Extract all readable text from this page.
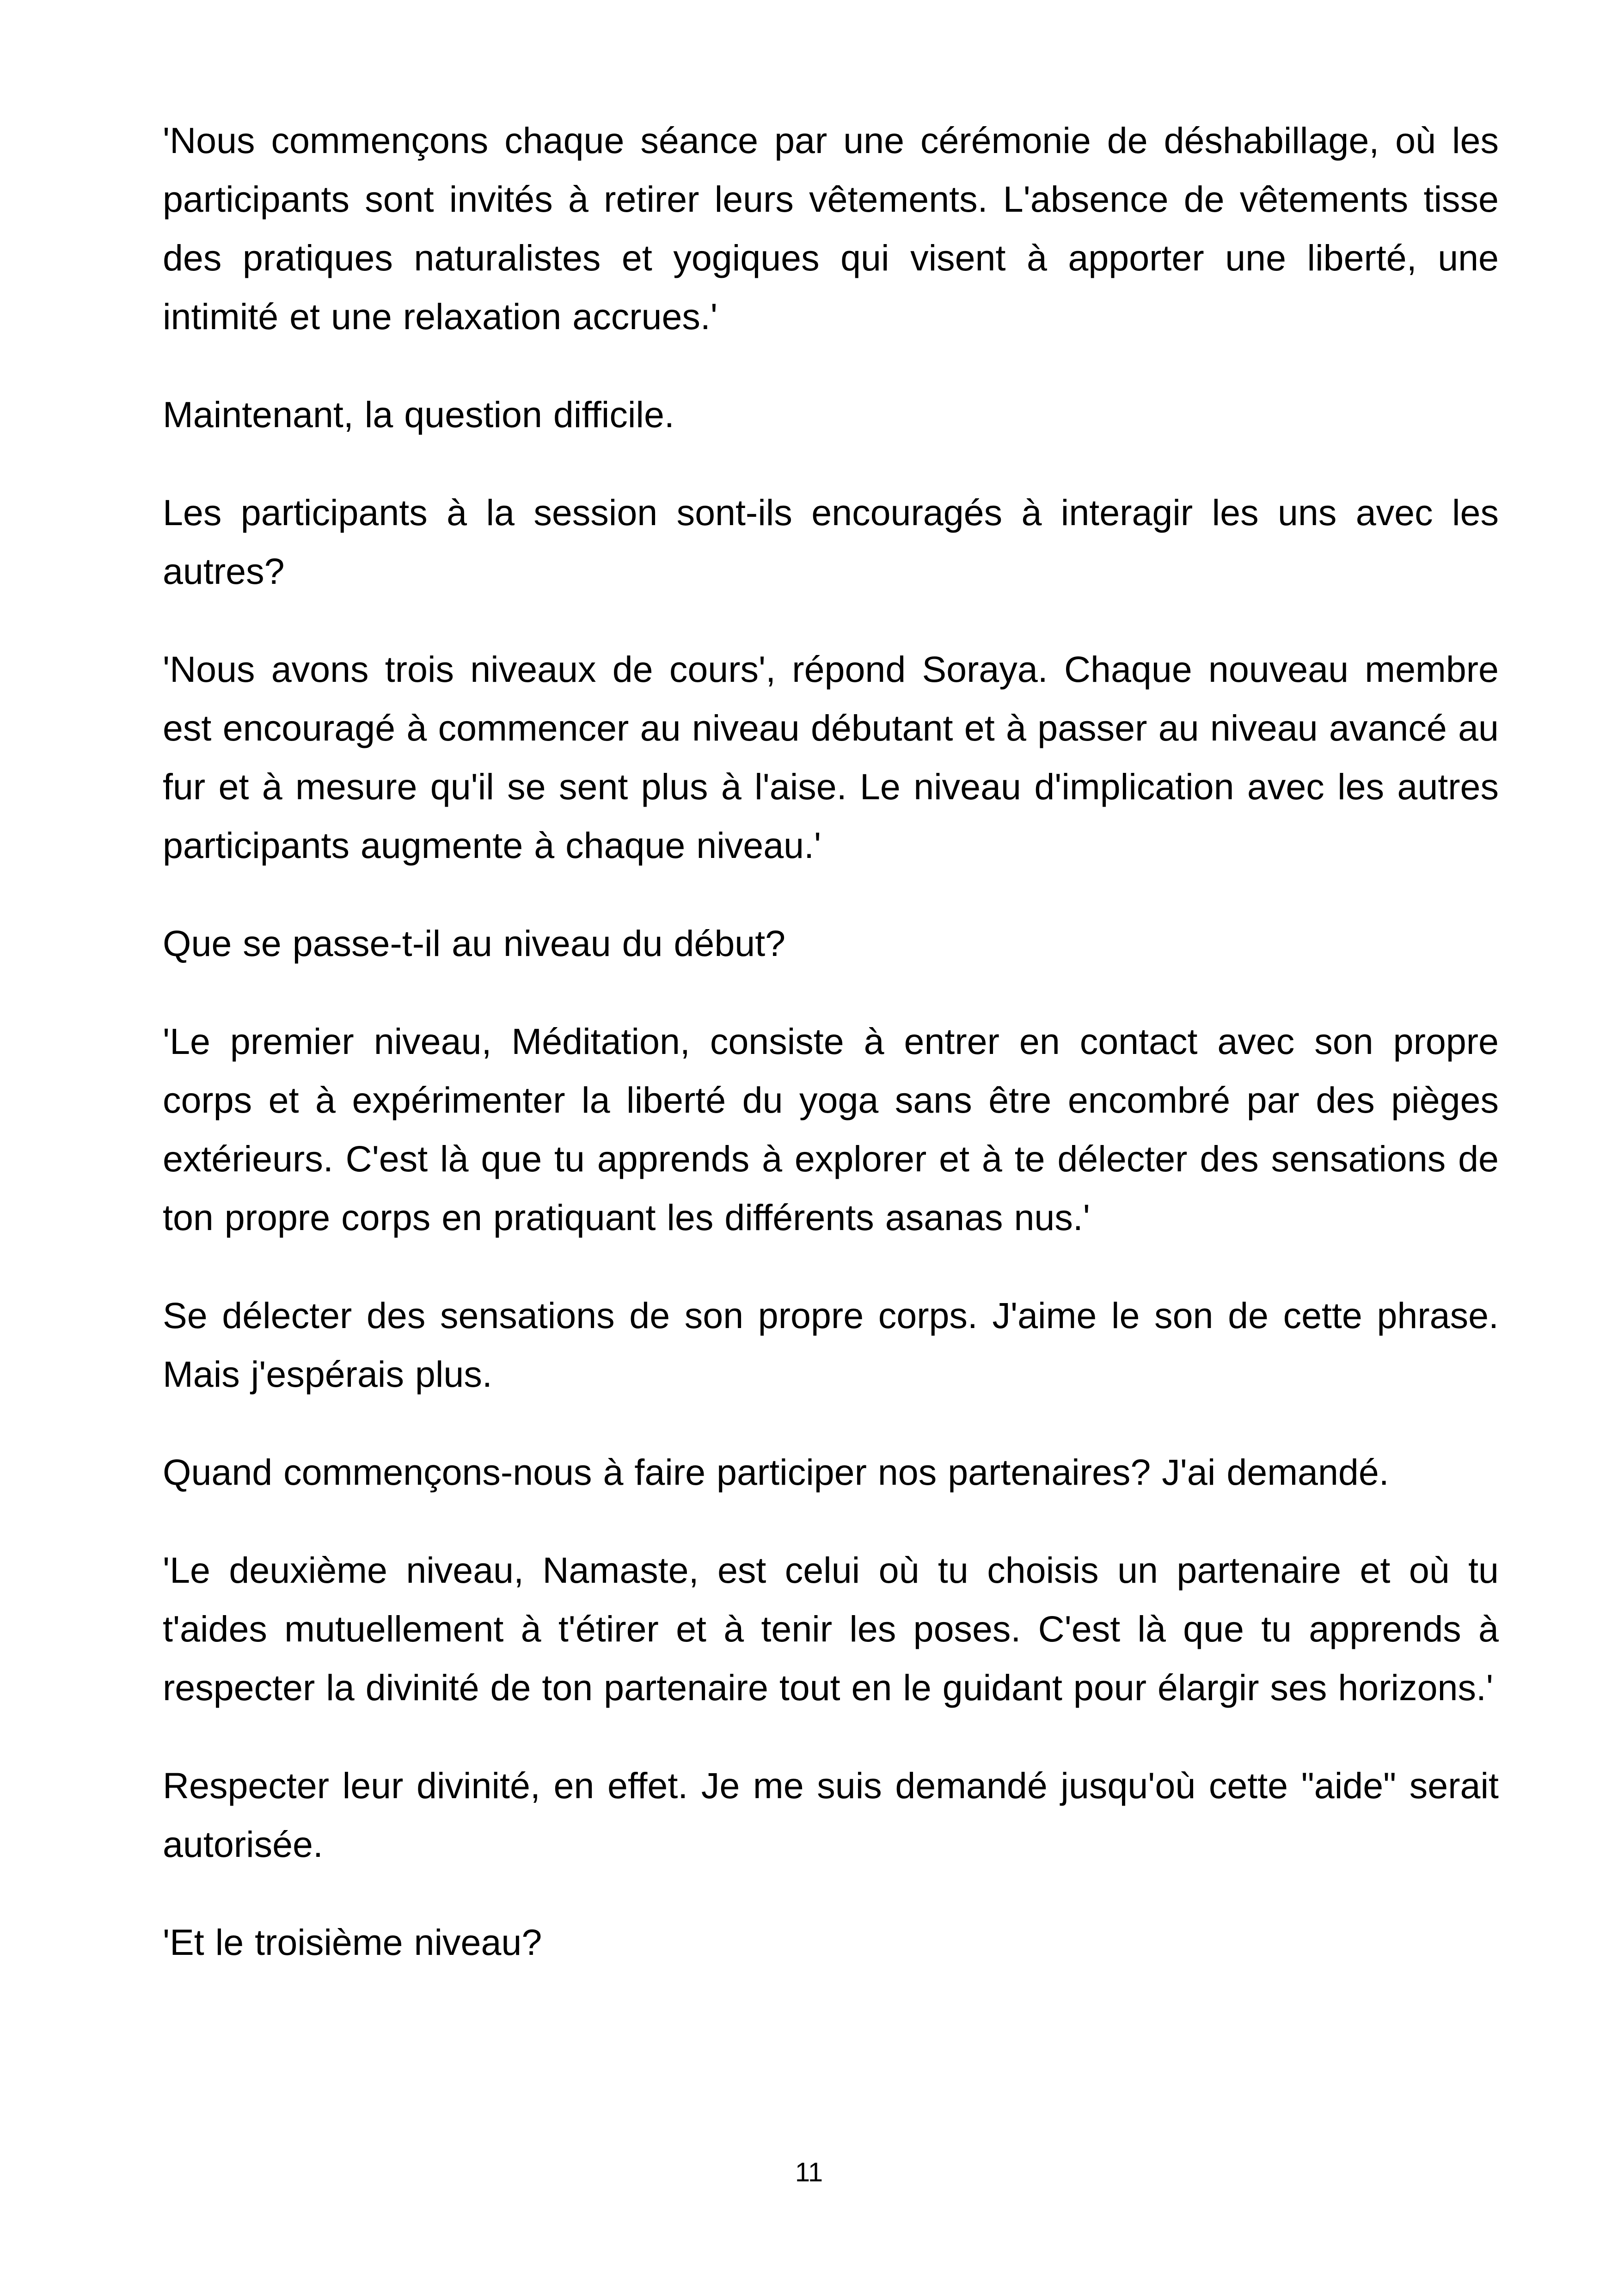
'Nous commençons chaque séance par une cérémonie de déshabillage, où les participants sont invités à retirer leurs vêtements. L'absence de vêtements tisse des pratiques naturalistes et yogiques qui visent à apporter une liberté, une intimité et une relaxation accrues.'

Maintenant, la question difficile.

Les participants à la session sont-ils encouragés à interagir les uns avec les autres?

'Nous avons trois niveaux de cours', répond Soraya. Chaque nouveau membre est encouragé à commencer au niveau débutant et à passer au niveau avancé au fur et à mesure qu'il se sent plus à l'aise. Le niveau d'implication avec les autres participants augmente à chaque niveau.'

Que se passe-t-il au niveau du début?

'Le premier niveau, Méditation, consiste à entrer en contact avec son propre corps et à expérimenter la liberté du yoga sans être encombré par des pièges extérieurs. C'est là que tu apprends à explorer et à te délecter des sensations de ton propre corps en pratiquant les différents asanas nus.'

Se délecter des sensations de son propre corps. J'aime le son de cette phrase. Mais j'espérais plus.

Quand commençons-nous à faire participer nos partenaires? J'ai demandé.

'Le deuxième niveau, Namaste, est celui où tu choisis un partenaire et où tu t'aides mutuellement à t'étirer et à tenir les poses. C'est là que tu apprends à respecter la divinité de ton partenaire tout en le guidant pour élargir ses horizons.'

Respecter leur divinité, en effet. Je me suis demandé jusqu'où cette "aide" serait autorisée.

'Et le troisième niveau?

11
